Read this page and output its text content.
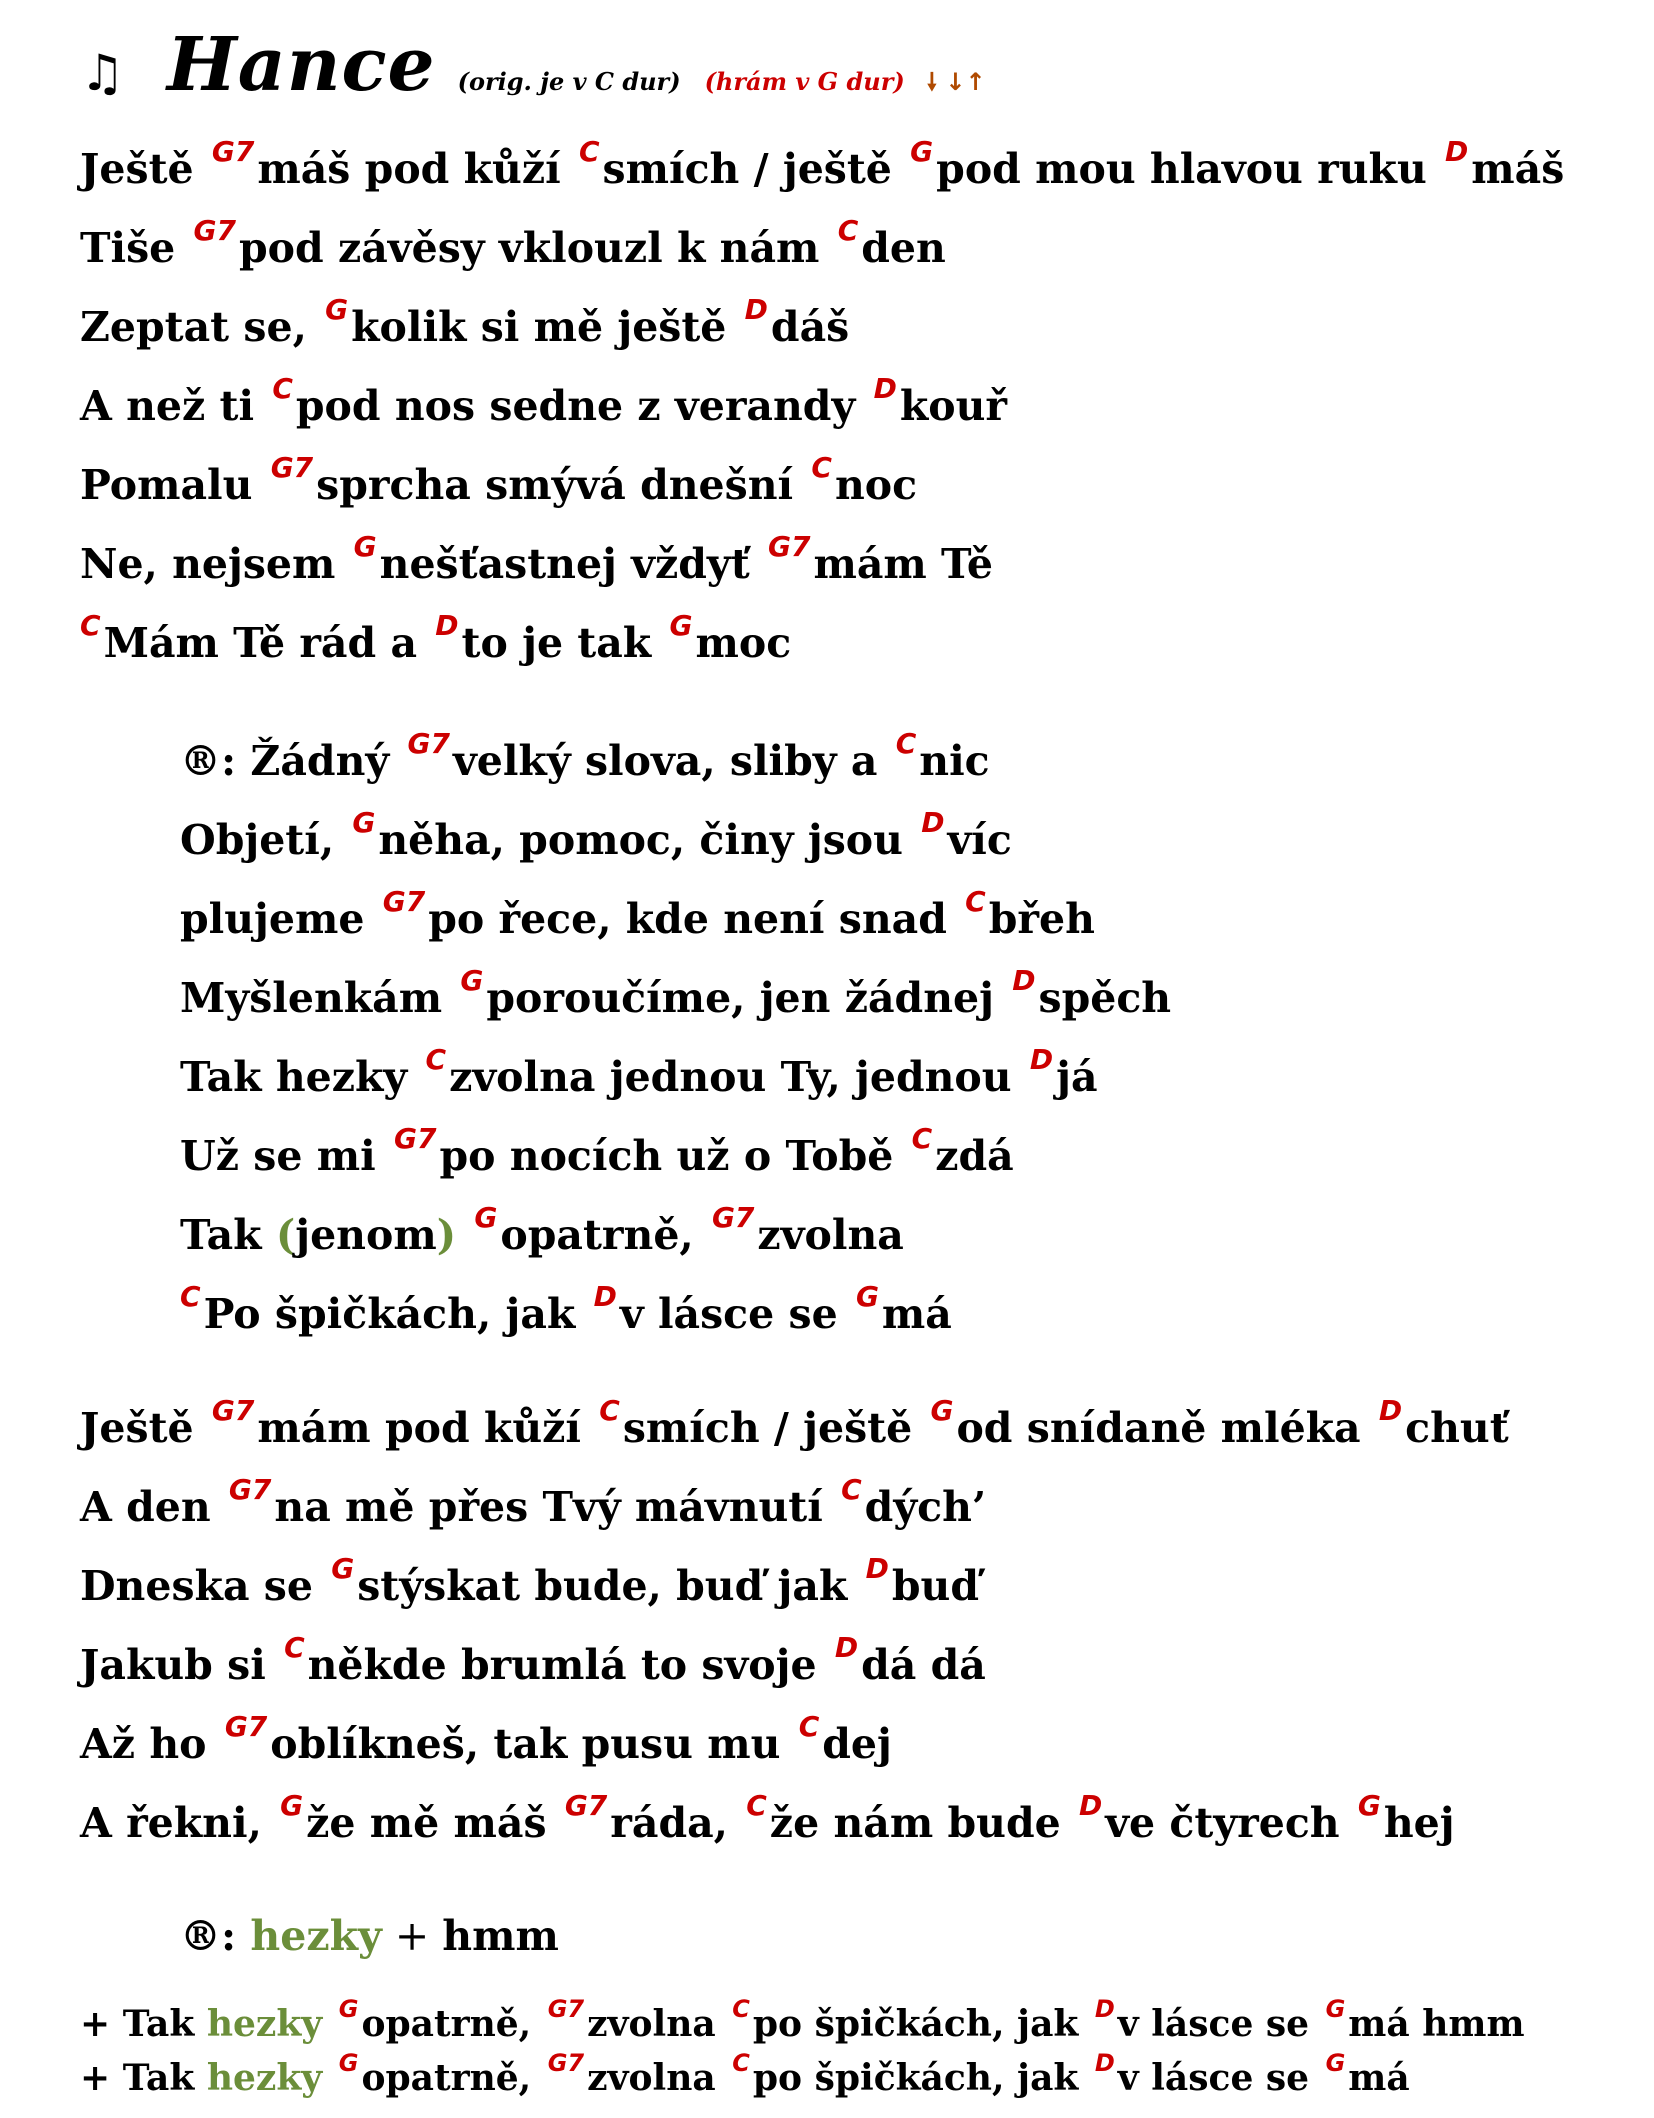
♫ Hance (orig. je v C dur) (hrám v G dur) 🠗 ↓↑
Ještě G7máš pod kůží Csmích / ještě Gpod mou hlavou ruku Dmáš
Tiše G7pod závěsy vklouzl k nám Cden
Zeptat se, Gkolik si mě ještě Ddáš
A než ti Cpod nos sedne z verandy Dkouř
Pomalu G7sprcha smývá dnešní Cnoc
Ne, nejsem Gnešťastnej vždyť G7mám Tě
CMám Tě rád a Dto je tak Gmoc
®: Žádný G7velký slova, sliby a Cnic
Objetí, Gněha, pomoc, činy jsou Dvíc
plujeme G7po řece, kde není snad Cbřeh
Myšlenkám Gporoučíme, jen žádnej Dspěch
Tak hezky Czvolna jednou Ty, jednou Djá
Už se mi G7po nocích už o Tobě Czdá
Tak (jenom) Gopatrně, G7zvolna
CPo špičkách, jak Dv lásce se Gmá
Ještě G7mám pod kůží Csmích / ještě God snídaně mléka Dchuť
A den G7na mě přes Tvý mávnutí Cdých’
Dneska se Gstýskat bude, buď jak Dbuď
Jakub si Cněkde brumlá to svoje Ddá dá
Až ho G7oblíkneš, tak pusu mu Cdej
A řekni, Gže mě máš G7ráda, Cže nám bude Dve čtyrech Ghej
®: hezky + hmm
+ Tak hezky Gopatrně, G7zvolna Cpo špičkách, jak Dv lásce se Gmá hmm
+ Tak hezky Gopatrně, G7zvolna Cpo špičkách, jak Dv lásce se Gmá
